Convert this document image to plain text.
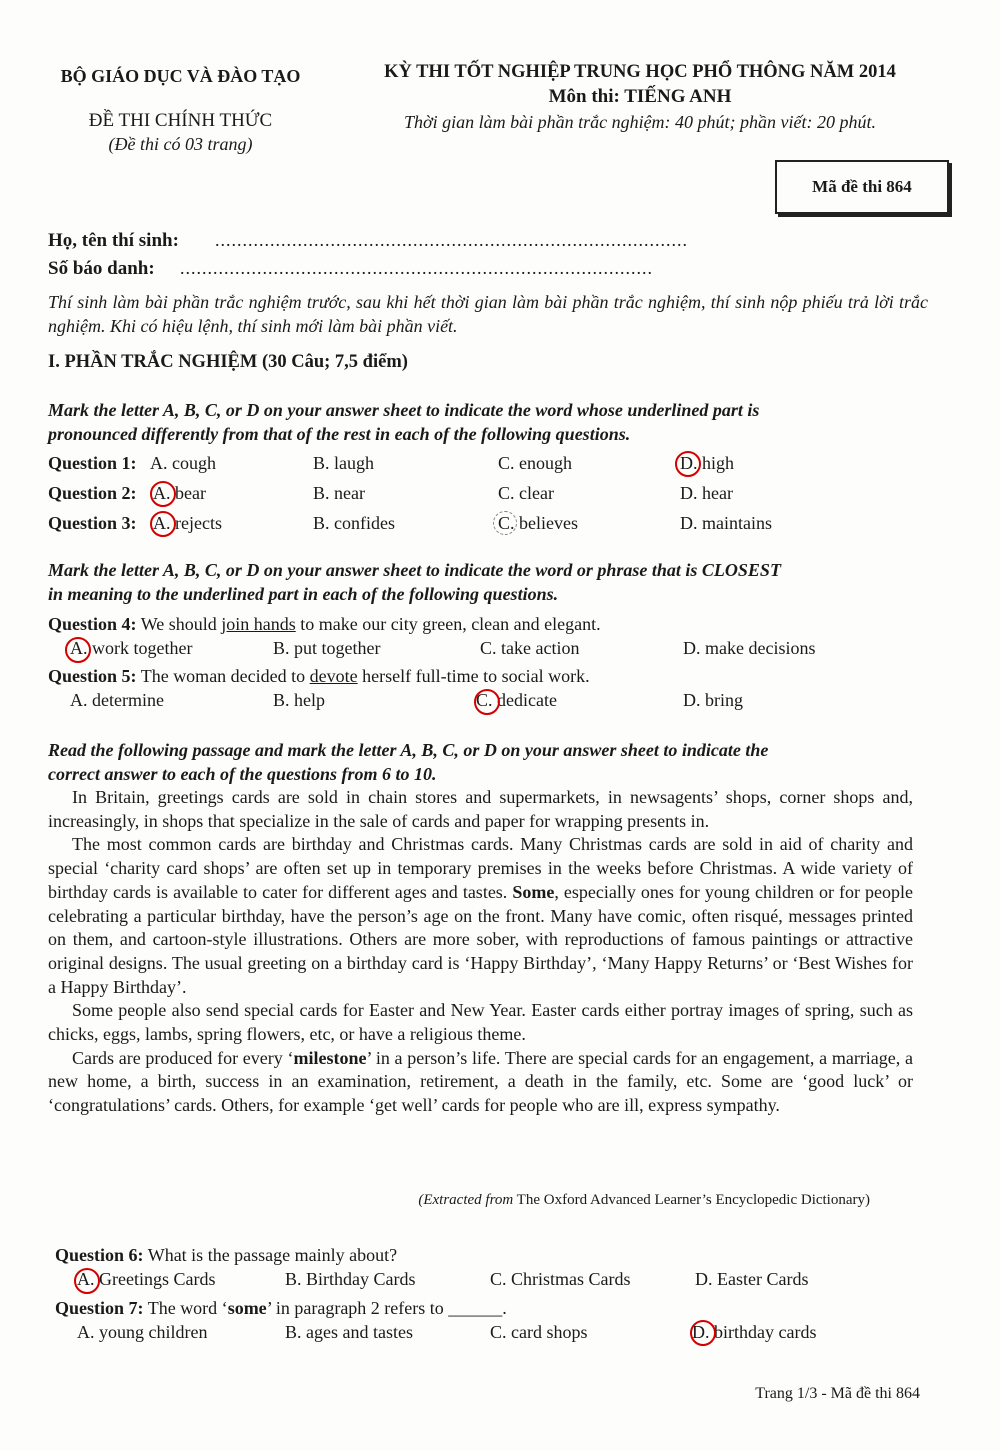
BỘ GIÁO DỤC VÀ ĐÀO TẠO
ĐỀ THI CHÍNH THỨC
(Đề thi có 03 trang)
KỲ THI TỐT NGHIỆP TRUNG HỌC PHỔ THÔNG NĂM 2014
Môn thi: TIẾNG ANH
Thời gian làm bài phần trắc nghiệm: 40 phút; phần viết: 20 phút.
Mã đề thi 864
Họ, tên thí sinh: ......................................................................................
Số báo danh: ......................................................................................
Thí sinh làm bài phần trắc nghiệm trước, sau khi hết thời gian làm bài phần trắc nghiệm, thí sinh nộp phiếu trả lời trắc nghiệm. Khi có hiệu lệnh, thí sinh mới làm bài phần viết.
I. PHẦN TRẮC NGHIỆM (30 Câu; 7,5 điểm)
Mark the letter A, B, C, or D on your answer sheet to indicate the word whose underlined part is
pronounced differently from that of the rest in each of the following questions.
Question 1: A. cough	B. laugh	C. enough	D. high
Question 2: A. bear	B. near	C. clear	D. hear
Question 3: A. rejects	B. confides	C. believes	D. maintains
Mark the letter A, B, C, or D on your answer sheet to indicate the word or phrase that is CLOSEST
in meaning to the underlined part in each of the following questions.
Question 4: We should join hands to make our city green, clean and elegant.
A. work together	B. put together	C. take action	D. make decisions
Question 5: The woman decided to devote herself full-time to social work.
A. determine	B. help	C. dedicate	D. bring
Read the following passage and mark the letter A, B, C, or D on your answer sheet to indicate the
correct answer to each of the questions from 6 to 10.

In Britain, greetings cards are sold in chain stores and supermarkets, in newsagents’ shops, corner shops and, increasingly, in shops that specialize in the sale of cards and paper for wrapping presents in.

The most common cards are birthday and Christmas cards. Many Christmas cards are sold in aid of charity and special ‘charity card shops’ are often set up in temporary premises in the weeks before Christmas. A wide variety of birthday cards is available to cater for different ages and tastes. Some, especially ones for young children or for people celebrating a particular birthday, have the person’s age on the front. Many have comic, often risqué, messages printed on them, and cartoon-style illustrations. Others are more sober, with reproductions of famous paintings or attractive original designs. The usual greeting on a birthday card is ‘Happy Birthday’, ‘Many Happy Returns’ or ‘Best Wishes for a Happy Birthday’.

Some people also send special cards for Easter and New Year. Easter cards either portray images of spring, such as chicks, eggs, lambs, spring flowers, etc, or have a religious theme.

Cards are produced for every ‘milestone’ in a person’s life. There are special cards for an engagement, a marriage, a new home, a birth, success in an examination, retirement, a death in the family, etc. Some are ‘good luck’ or ‘congratulations’ cards. Others, for example ‘get well’ cards for people who are ill, express sympathy.

(Extracted from The Oxford Advanced Learner’s Encyclopedic Dictionary)
Question 6: What is the passage mainly about?
A. Greetings Cards	B. Birthday Cards	C. Christmas Cards	D. Easter Cards
Question 7: The word ‘some’ in paragraph 2 refers to ______.
A. young children	B. ages and tastes	C. card shops	D. birthday cards
Trang 1/3 - Mã đề thi 864
